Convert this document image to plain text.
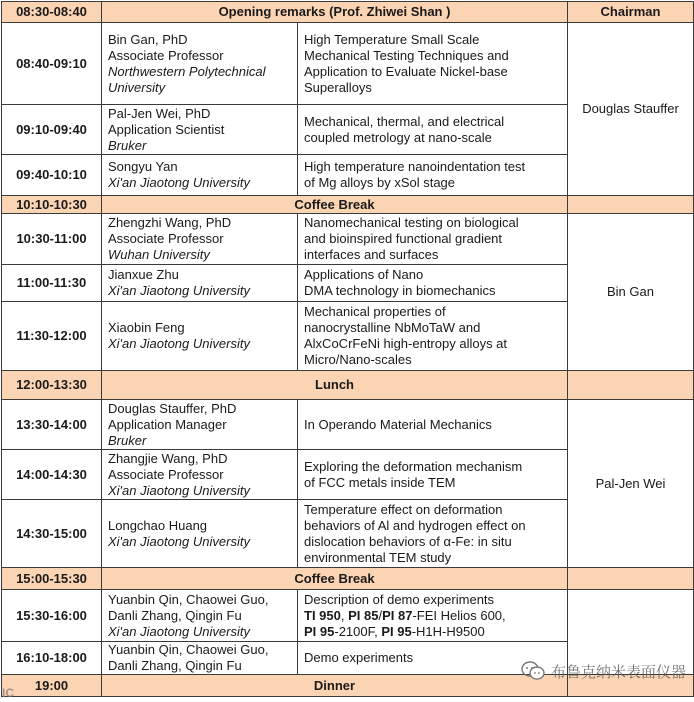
08:30-08:40	Opening remarks (Prof. Zhiwei Shan )		Chairman
08:40-09:10	Bin Gan, PhD
Associate Professor
Northwestern Polytechnical University	High Temperature Small Scale
Mechanical Testing Techniques and
Application to Evaluate Nickel-base
Superalloys	Douglas Stauffer
09:10-09:40	Pal-Jen Wei, PhD
Application Scientist
Bruker	Mechanical, thermal, and electrical
coupled metrology at nano-scale	

09:40-10:10	Songyu Yan
Xi'an Jiaotong University	High temperature nanoindentation test
of Mg alloys by xSol stage	

10:10-10:30	Coffee Break		
10:30-11:00	Zhengzhi Wang, PhD
Associate Professor
Wuhan University	Nanomechanical testing on biological
and bioinspired functional gradient
interfaces and surfaces	Bin Gan
11:00-11:30	Jianxue Zhu
Xi'an Jiaotong University	Applications of Nano
DMA technology in biomechanics	

11:30-12:00	Xiaobin Feng
Xi'an Jiaotong University	Mechanical properties of
nanocrystalline NbMoTaW and
AlxCoCrFeNi high-entropy alloys at
Micro/Nano-scales	

12:00-13:30	Lunch		
13:30-14:00	Douglas Stauffer, PhD
Application Manager
Bruker	In Operando Material Mechanics	Pal-Jen Wei
14:00-14:30	Zhangjie Wang, PhD
Associate Professor
Xi'an Jiaotong University	Exploring the deformation mechanism
of FCC metals inside TEM	

14:30-15:00	Longchao Huang
Xi'an Jiaotong University	Temperature effect on deformation
behaviors of Al and hydrogen effect on
dislocation behaviors of α-Fe: in situ
environmental TEM study	

15:00-15:30	Coffee Break		
15:30-16:00	Yuanbin Qin, Chaowei Guo,
Danli Zhang, Qingin Fu
Xi'an Jiaotong University	Description of demo experiments
TI 950, PI 85/PI 87-FEI Helios 600,
PI 95-2100F, PI 95-H1H-H9500	

16:10-18:00	Yuanbin Qin, Chaowei Guo,
Danli Zhang, Qingin Fu	Demo experiments	

19:00	Dinner		
IC
布鲁克纳米表面仪器
